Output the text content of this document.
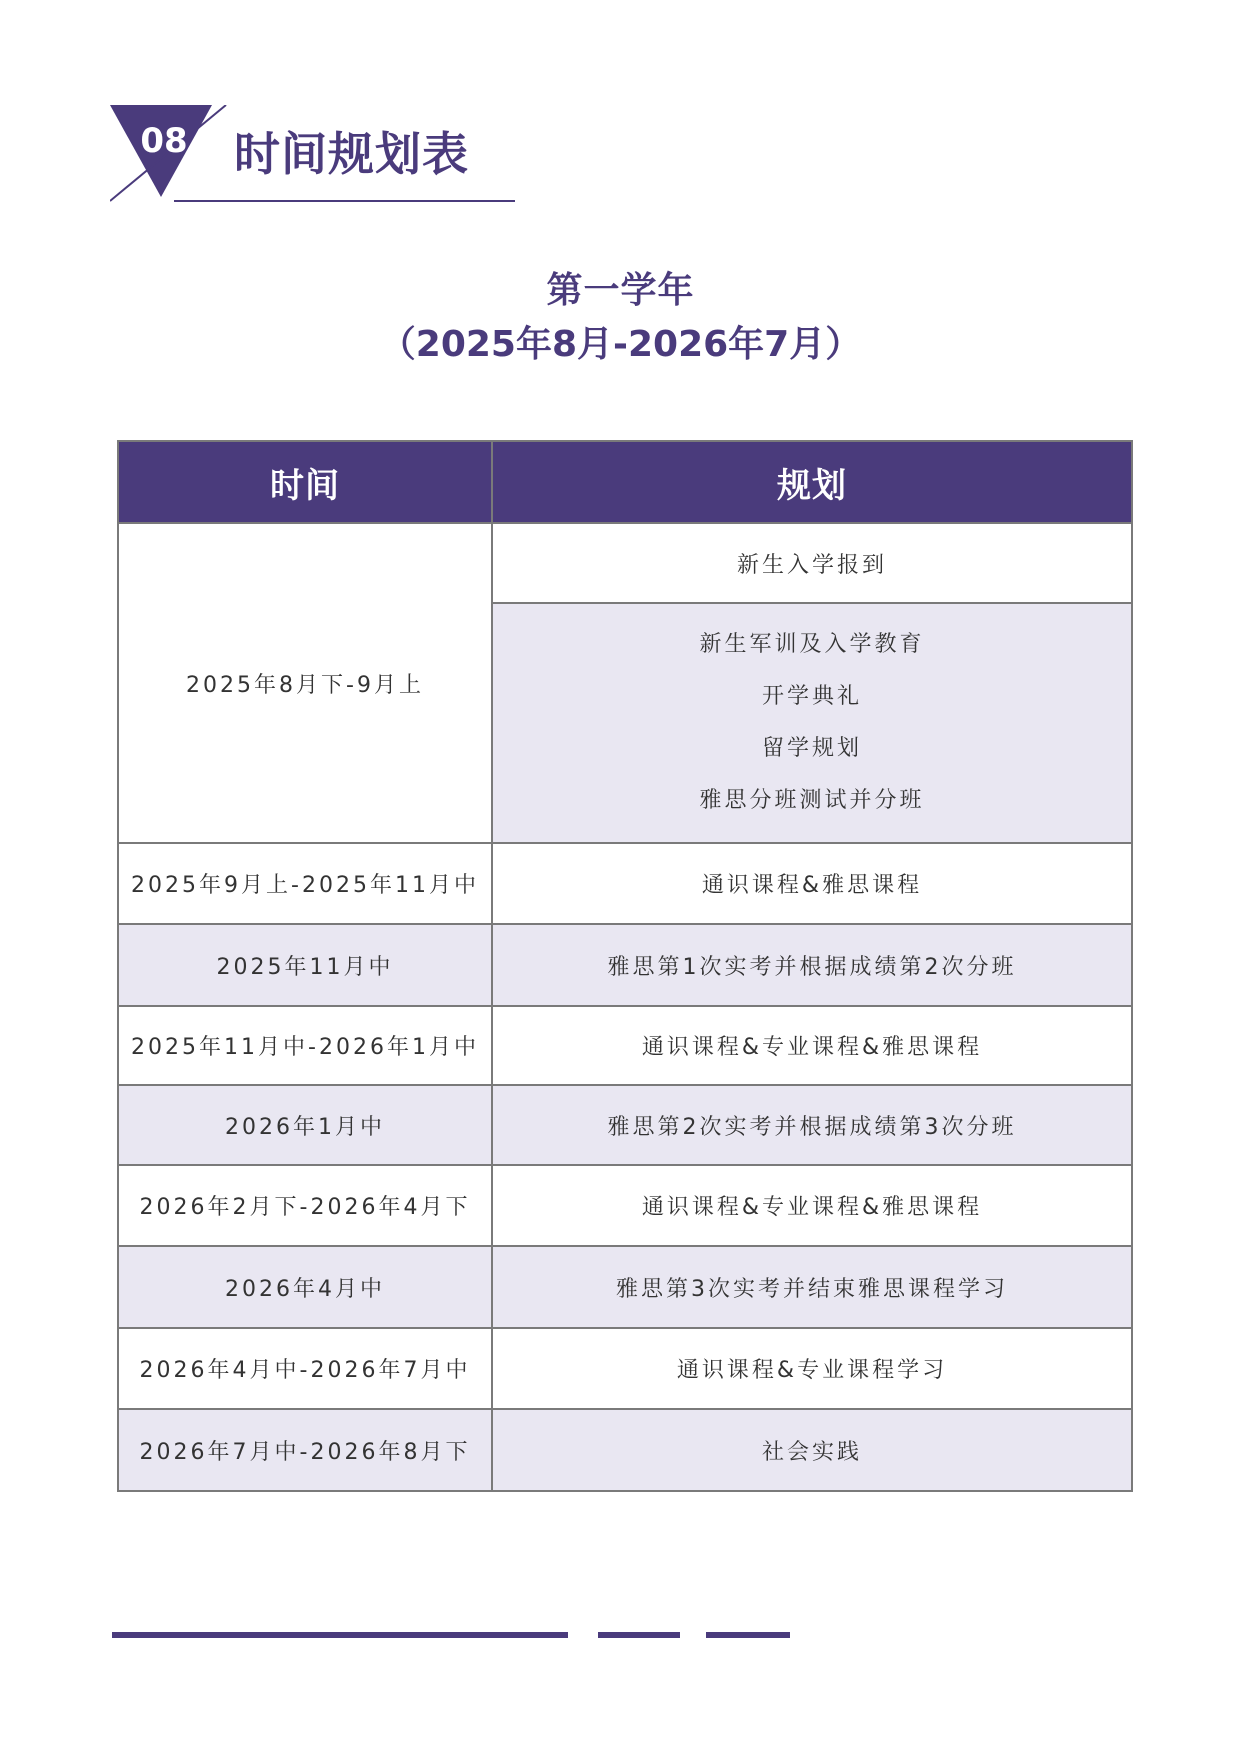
08 时间规划表
第一学年
（2025年8月-2026年7月）
时间	规划
2025年8月下-9月上	新生入学报到

	新生军训及入学教育
开学典礼
留学规划
雅思分班测试并分班

2025年9月上-2025年11月中	通识课程&雅思课程
2025年11月中	雅思第1次实考并根据成绩第2次分班
2025年11月中-2026年1月中	通识课程&专业课程&雅思课程
2026年1月中	雅思第2次实考并根据成绩第3次分班
2026年2月下-2026年4月下	通识课程&专业课程&雅思课程
2026年4月中	雅思第3次实考并结束雅思课程学习
2026年4月中-2026年7月中	通识课程&专业课程学习
2026年7月中-2026年8月下	社会实践
